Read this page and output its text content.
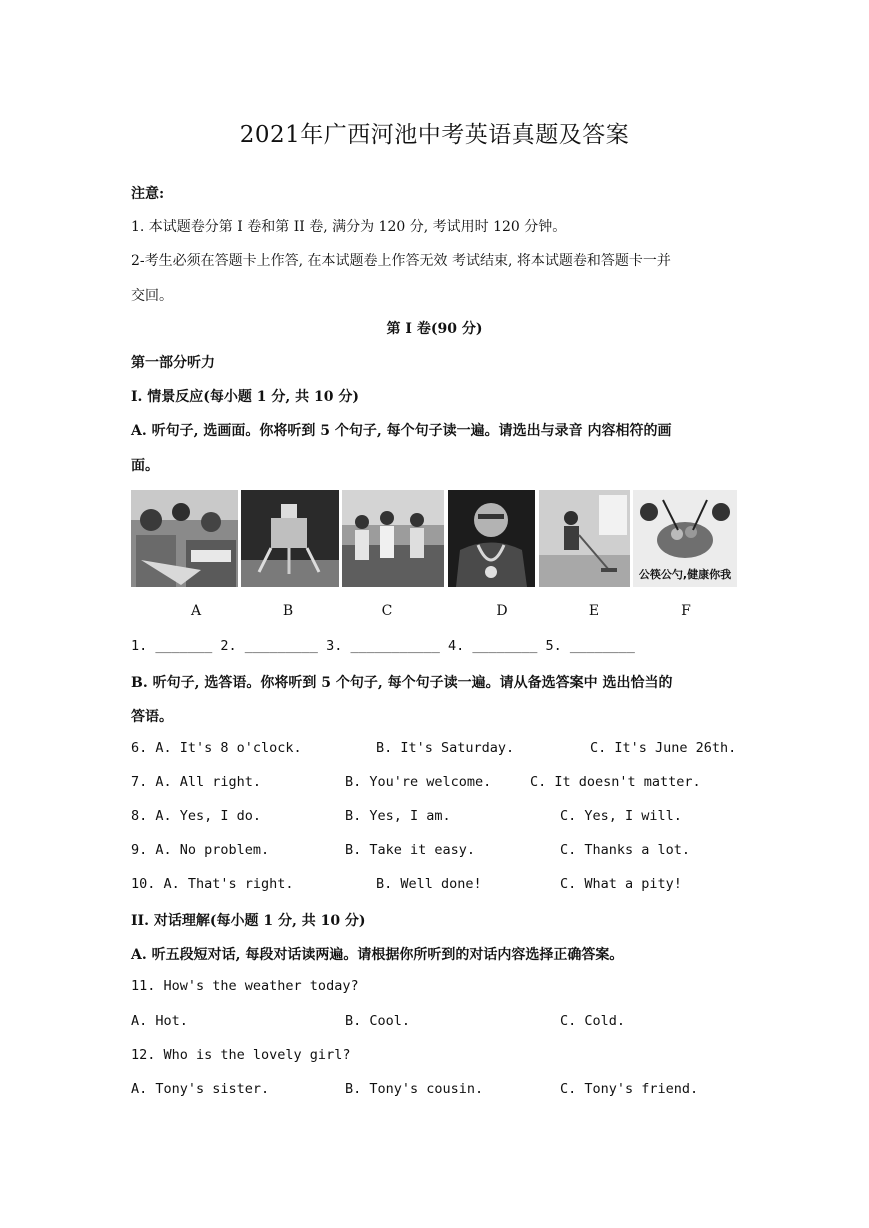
2021年广西河池中考英语真题及答案
注意:
1. 本试题卷分第 I 卷和第 II 卷, 满分为 120 分, 考试用时 120 分钟。
2-考生必须在答题卡上作答, 在本试题卷上作答无效 考试结束, 将本试题卷和答题卡一并
交回。
第 I 卷(90 分)
第一部分听力
I. 情景反应(每小题 1 分, 共 10 分)
A. 听句子, 选画面。你将听到 5 个句子, 每个句子读一遍。请选出与录音 内容相符的画
面。
公筷公勺,健康你我
A	B	C	D	E	F
1. _______ 2. _________ 3. ___________ 4. ________ 5. ________
B. 听句子, 选答语。你将听到 5 个句子, 每个句子读一遍。请从备选答案中 选出恰当的
答语。
6. A. It's 8 o'clock.	B. It's Saturday.	C. It's June 26th.
7. A. All right.	B. You're welcome.	C. It doesn't matter.
8. A. Yes, I do.	B. Yes, I am.	C. Yes, I will.
9. A. No problem.	B. Take it easy.	C. Thanks a lot.
10. A. That's right.	B. Well done!	C. What a pity!
II. 对话理解(每小题 1 分, 共 10 分)
A. 听五段短对话, 每段对话读两遍。请根据你所听到的对话内容选择正确答案。
11. How's the weather today?
A. Hot.	B. Cool.	C. Cold.
12. Who is the lovely girl?
A. Tony's sister.	B. Tony's cousin.	C. Tony's friend.
